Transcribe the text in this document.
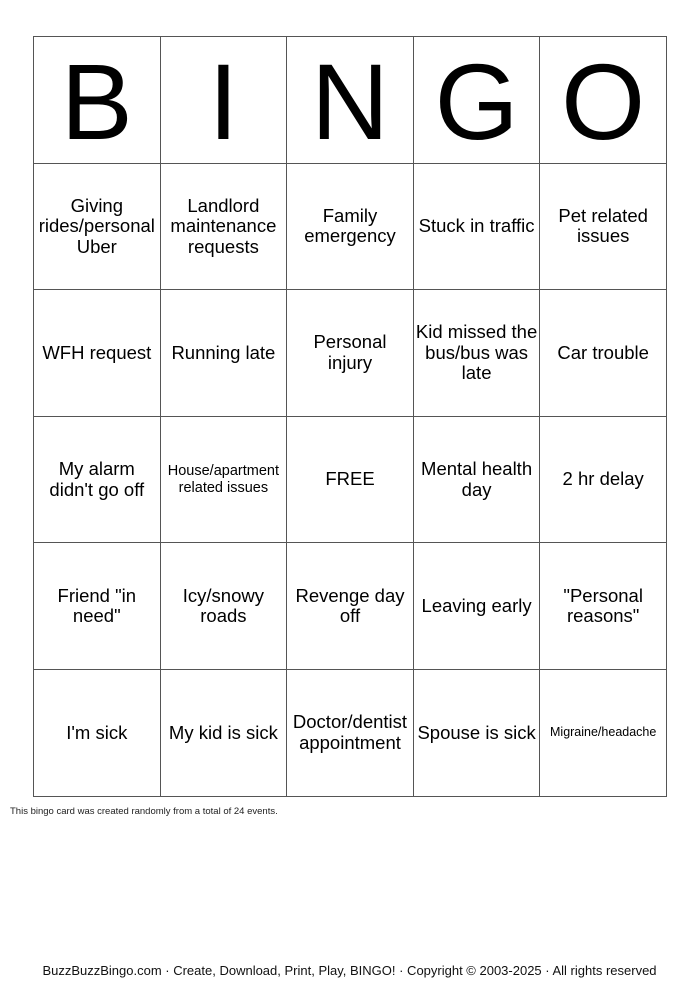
B	I	N	G	O
Giving rides/personal Uber	Landlord maintenance requests	Family emergency	Stuck in traffic	Pet related issues
WFH request	Running late	Personal injury	Kid missed the bus/bus was late	Car trouble
My alarm didn't go off	House/apartment related issues	FREE	Mental health day	2 hr delay
Friend "in need"	Icy/snowy roads	Revenge day off	Leaving early	"Personal reasons"
I'm sick	My kid is sick	Doctor/dentist appointment	Spouse is sick	Migraine/headache
This bingo card was created randomly from a total of 24 events.
BuzzBuzzBingo.com · Create, Download, Print, Play, BINGO! · Copyright © 2003-2025 · All rights reserved
